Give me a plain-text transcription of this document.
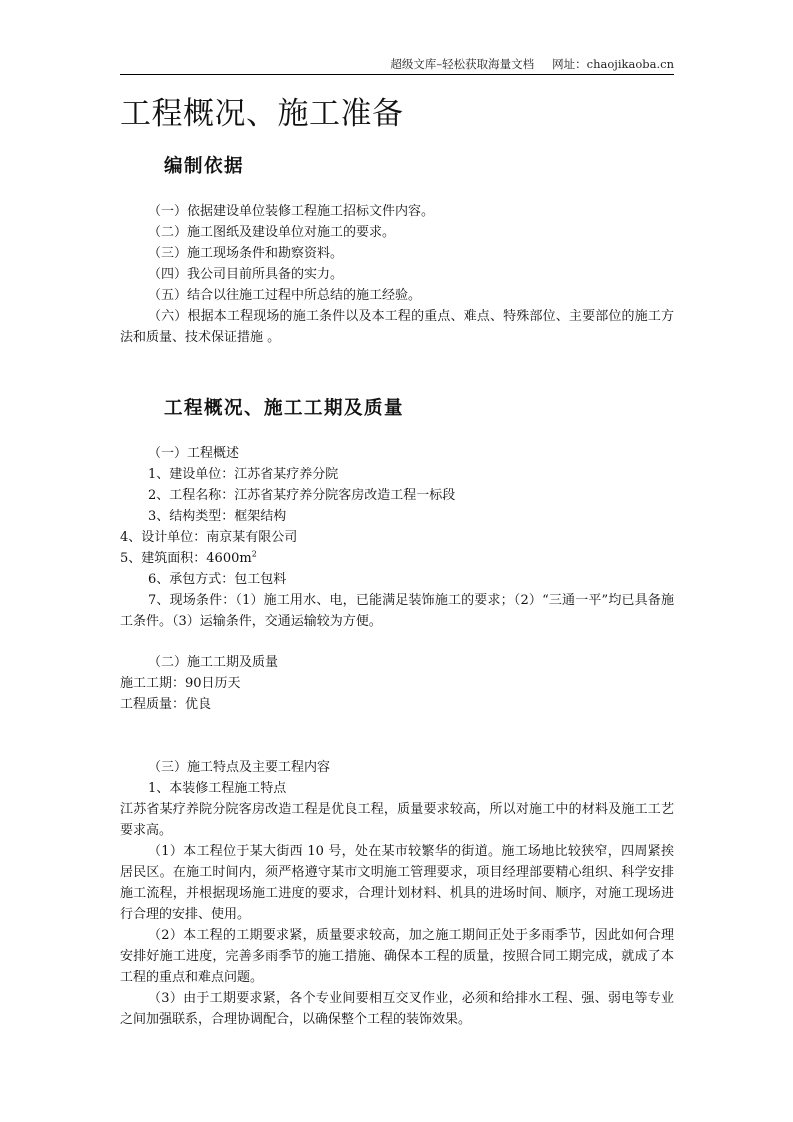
超级文库–轻松获取海量文档 网址：chaojikaoba.cn
工程概况、施工准备
编制依据

（一）依据建设单位装修工程施工招标文件内容。

（二）施工图纸及建设单位对施工的要求。

（三）施工现场条件和勘察资料。

（四）我公司目前所具备的实力。

（五）结合以往施工过程中所总结的施工经验。

（六）根据本工程现场的施工条件以及本工程的重点、难点、特殊部位、主要部位的施工方法和质量、技术保证措施 。

工程概况、施工工期及质量

（一）工程概述

1、建设单位：江苏省某疗养分院

2、工程名称：江苏省某疗养分院客房改造工程一标段

3、结构类型：框架结构

4、设计单位：南京某有限公司

5、建筑面积：$4600m^2$

6、承包方式：包工包料

7、现场条件：（1）施工用水、电，已能满足装饰施工的要求；（2）“三通一平”均已具备施工条件。（3）运输条件，交通运输较为方便。

（二）施工工期及质量

施工工期：90日历天

工程质量：优良

（三）施工特点及主要工程内容

1、本装修工程施工特点

江苏省某疗养院分院客房改造工程是优良工程，质量要求较高，所以对施工中的材料及施工工艺要求高。

（1）本工程位于某大街西 10 号，处在某市较繁华的街道。施工场地比较狭窄，四周紧挨居民区。在施工时间内，须严格遵守某市文明施工管理要求，项目经理部要精心组织、科学安排施工流程，并根据现场施工进度的要求，合理计划材料、机具的进场时间、顺序，对施工现场进行合理的安排、使用。

（2）本工程的工期要求紧，质量要求较高，加之施工期间正处于多雨季节，因此如何合理安排好施工进度，完善多雨季节的施工措施、确保本工程的质量，按照合同工期完成，就成了本工程的重点和难点问题。

（3）由于工期要求紧，各个专业间要相互交叉作业，必须和给排水工程、强、弱电等专业之间加强联系，合理协调配合，以确保整个工程的装饰效果。
